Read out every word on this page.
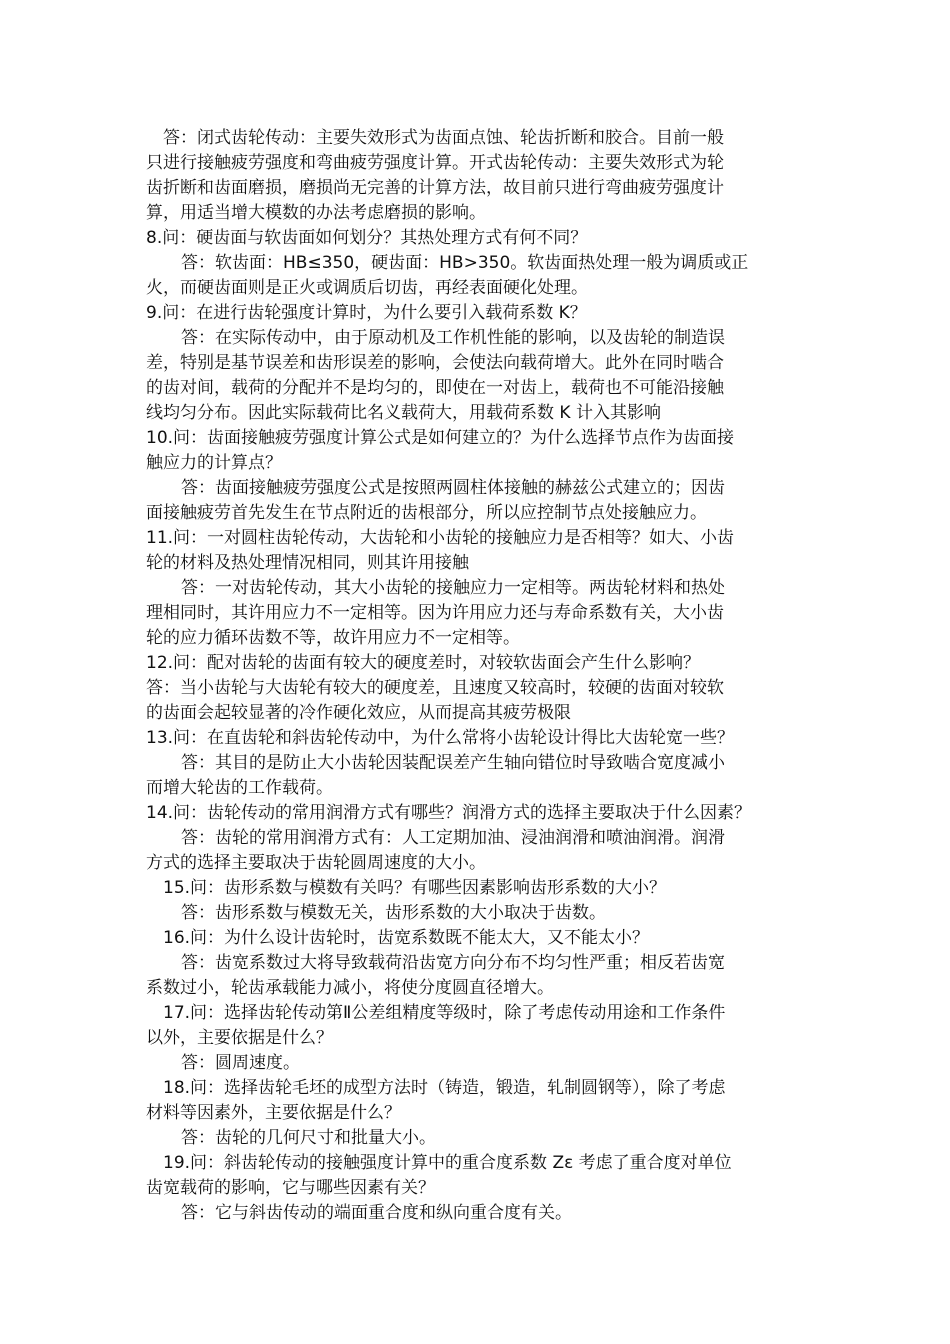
答：闭式齿轮传动：主要失效形式为齿面点蚀、轮齿折断和胶合。目前一般
只进行接触疲劳强度和弯曲疲劳强度计算。开式齿轮传动：主要失效形式为轮
齿折断和齿面磨损，磨损尚无完善的计算方法，故目前只进行弯曲疲劳强度计
算，用适当增大模数的办法考虑磨损的影响。
8.问：硬齿面与软齿面如何划分？其热处理方式有何不同？
答：软齿面：HB≤350，硬齿面：HB>350。软齿面热处理一般为调质或正
火，而硬齿面则是正火或调质后切齿，再经表面硬化处理。
9.问：在进行齿轮强度计算时，为什么要引入载荷系数 K？
答：在实际传动中，由于原动机及工作机性能的影响，以及齿轮的制造误
差，特别是基节误差和齿形误差的影响，会使法向载荷增大。此外在同时啮合
的齿对间，载荷的分配并不是均匀的，即使在一对齿上，载荷也不可能沿接触
线均匀分布。因此实际载荷比名义载荷大，用载荷系数 K 计入其影响
10.问：齿面接触疲劳强度计算公式是如何建立的？为什么选择节点作为齿面接
触应力的计算点？
答：齿面接触疲劳强度公式是按照两圆柱体接触的赫兹公式建立的；因齿
面接触疲劳首先发生在节点附近的齿根部分，所以应控制节点处接触应力。
11.问：一对圆柱齿轮传动，大齿轮和小齿轮的接触应力是否相等？如大、小齿
轮的材料及热处理情况相同，则其许用接触
答：一对齿轮传动，其大小齿轮的接触应力一定相等。两齿轮材料和热处
理相同时，其许用应力不一定相等。因为许用应力还与寿命系数有关，大小齿
轮的应力循环齿数不等，故许用应力不一定相等。
12.问：配对齿轮的齿面有较大的硬度差时，对较软齿面会产生什么影响？
答：当小齿轮与大齿轮有较大的硬度差，且速度又较高时，较硬的齿面对较软
的齿面会起较显著的冷作硬化效应，从而提高其疲劳极限
13.问：在直齿轮和斜齿轮传动中，为什么常将小齿轮设计得比大齿轮宽一些？
答：其目的是防止大小齿轮因装配误差产生轴向错位时导致啮合宽度减小
而增大轮齿的工作载荷。
14.问：齿轮传动的常用润滑方式有哪些？润滑方式的选择主要取决于什么因素？
答：齿轮的常用润滑方式有：人工定期加油、浸油润滑和喷油润滑。润滑
方式的选择主要取决于齿轮圆周速度的大小。
15.问：齿形系数与模数有关吗？有哪些因素影响齿形系数的大小？
答：齿形系数与模数无关，齿形系数的大小取决于齿数。
16.问：为什么设计齿轮时，齿宽系数既不能太大，又不能太小？
答：齿宽系数过大将导致载荷沿齿宽方向分布不均匀性严重；相反若齿宽
系数过小，轮齿承载能力减小，将使分度圆直径增大。
17.问：选择齿轮传动第Ⅱ公差组精度等级时，除了考虑传动用途和工作条件
以外，主要依据是什么？
答：圆周速度。
18.问：选择齿轮毛坯的成型方法时（铸造，锻造，轧制圆钢等），除了考虑
材料等因素外，主要依据是什么？
答：齿轮的几何尺寸和批量大小。
19.问：斜齿轮传动的接触强度计算中的重合度系数 Zε 考虑了重合度对单位
齿宽载荷的影响，它与哪些因素有关？
答：它与斜齿传动的端面重合度和纵向重合度有关。
